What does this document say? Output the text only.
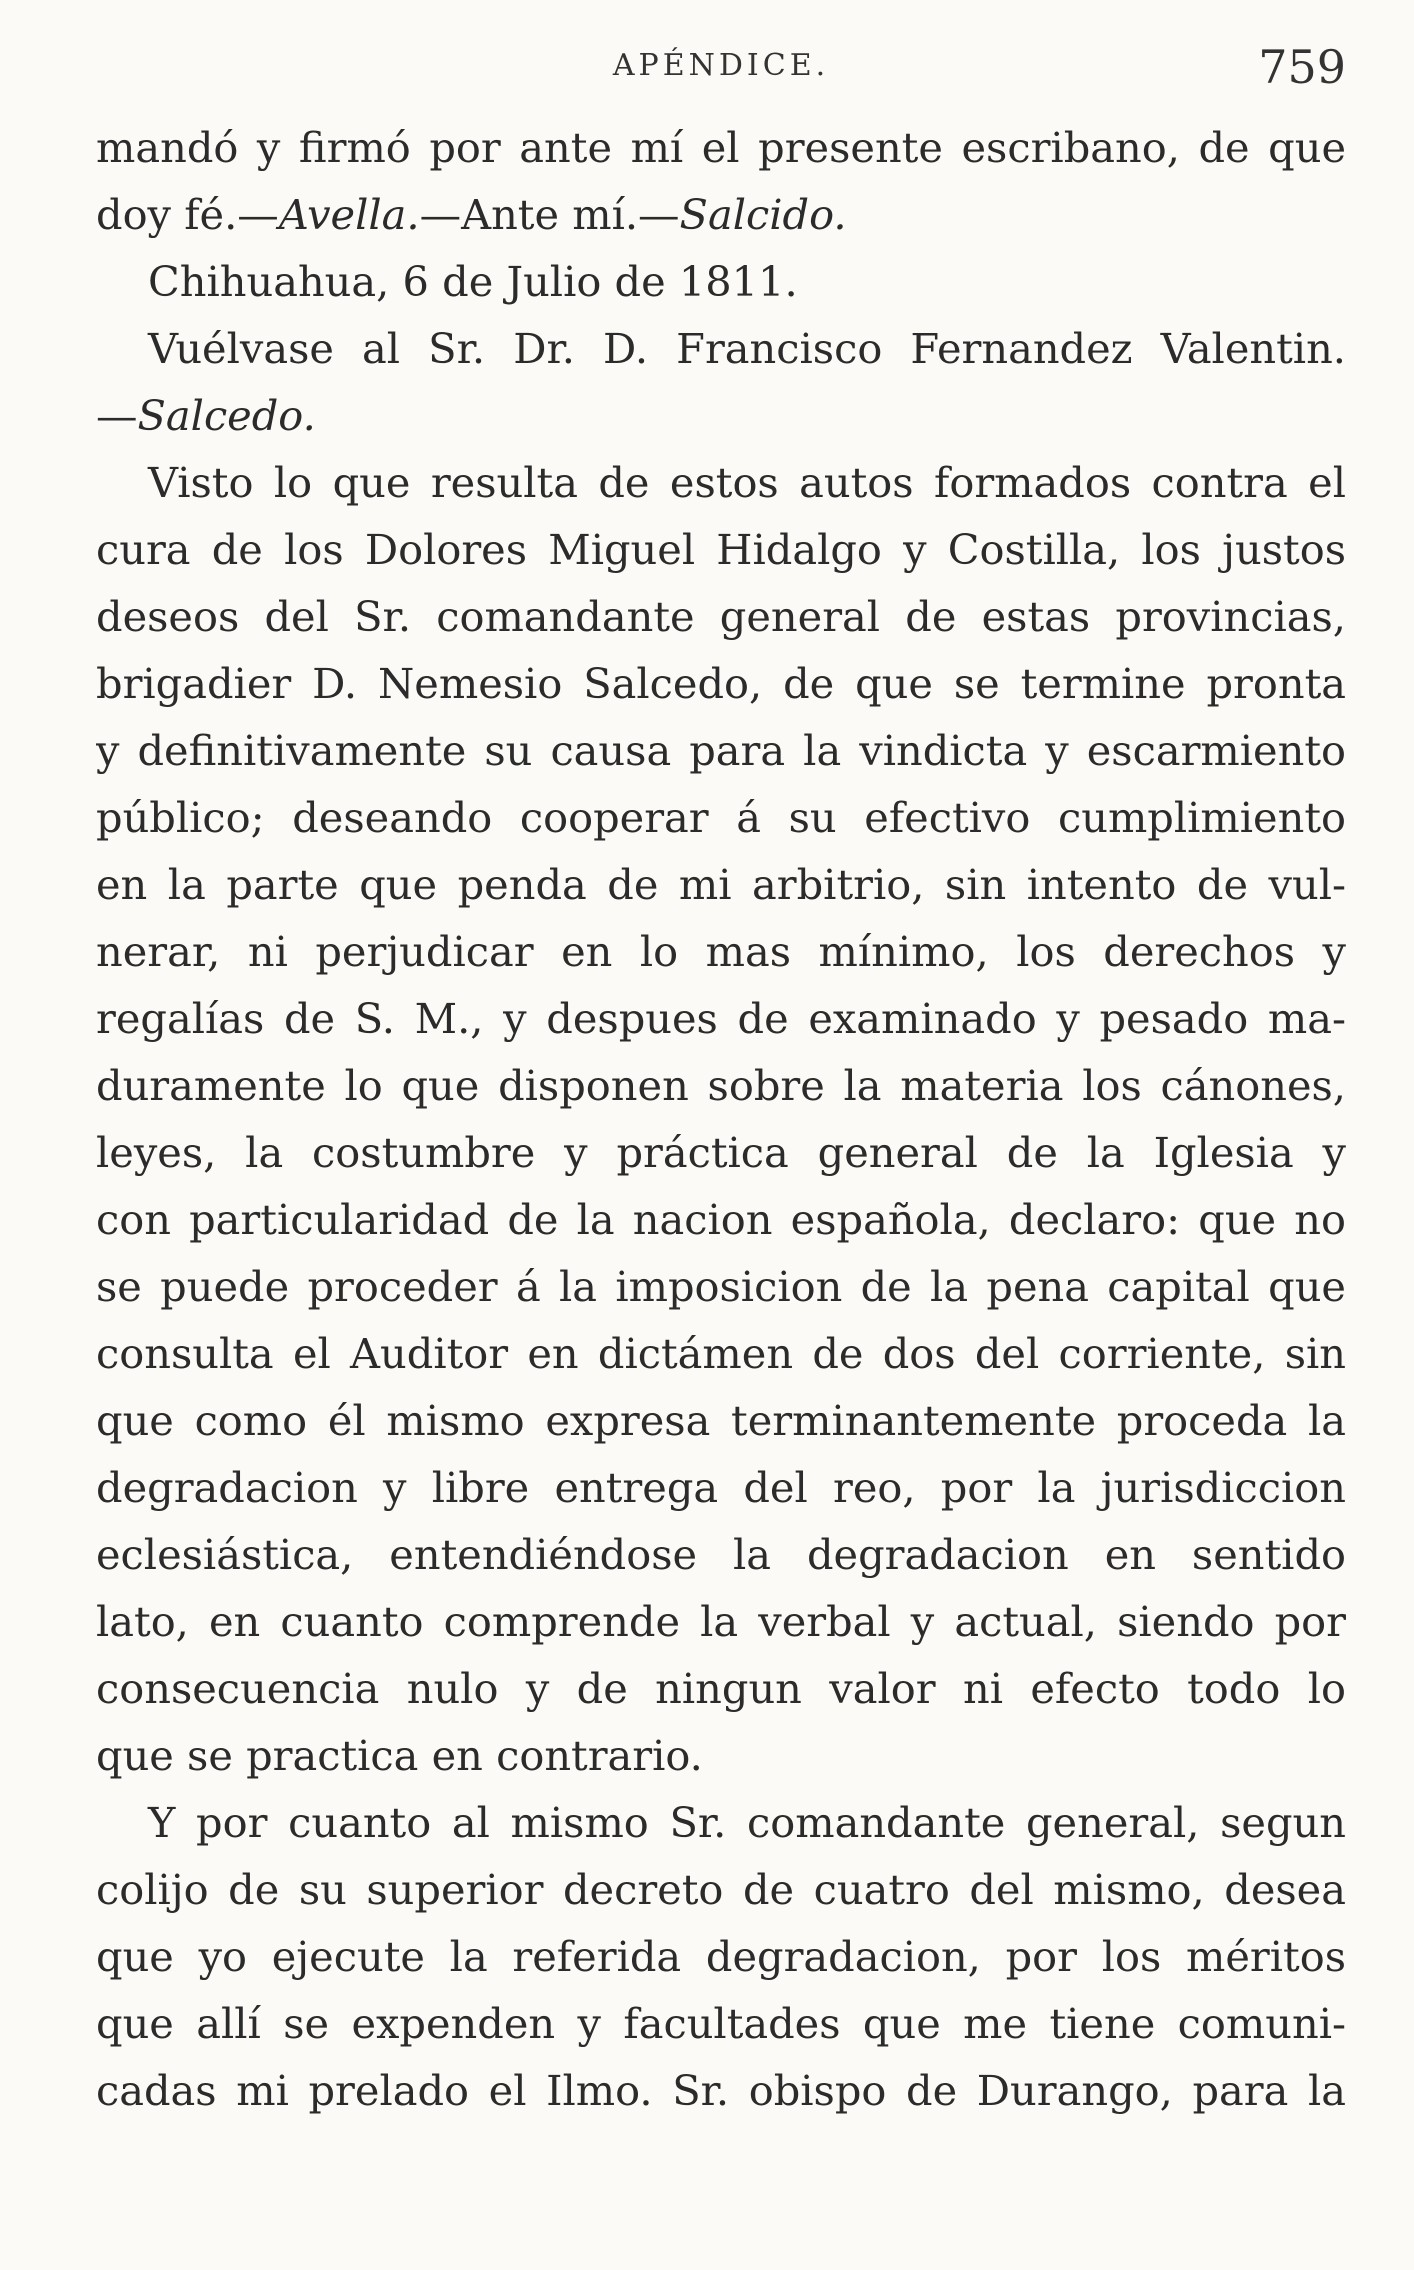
APÉNDICE.	759
mandó y firmó por ante mí el presente escribano, de que
doy fé.—Avella.—Ante mí.—Salcido.
Chihuahua, 6 de Julio de 1811.
Vuélvase al Sr. Dr. D. Francisco Fernandez Valentin.
—Salcedo.
Visto lo que resulta de estos autos formados contra el
cura de los Dolores Miguel Hidalgo y Costilla, los justos
deseos del Sr. comandante general de estas provincias,
brigadier D. Nemesio Salcedo, de que se termine pronta
y definitivamente su causa para la vindicta y escarmiento
público; deseando cooperar á su efectivo cumplimiento
en la parte que penda de mi arbitrio, sin intento de vul-
nerar, ni perjudicar en lo mas mínimo, los derechos y
regalías de S. M., y despues de examinado y pesado ma-
duramente lo que disponen sobre la materia los cánones,
leyes, la costumbre y práctica general de la Iglesia y
con particularidad de la nacion española, declaro: que no
se puede proceder á la imposicion de la pena capital que
consulta el Auditor en dictámen de dos del corriente, sin
que como él mismo expresa terminantemente proceda la
degradacion y libre entrega del reo, por la jurisdiccion
eclesiástica, entendiéndose la degradacion en sentido
lato, en cuanto comprende la verbal y actual, siendo por
consecuencia nulo y de ningun valor ni efecto todo lo
que se practica en contrario.
Y por cuanto al mismo Sr. comandante general, segun
colijo de su superior decreto de cuatro del mismo, desea
que yo ejecute la referida degradacion, por los méritos
que allí se expenden y facultades que me tiene comuni-
cadas mi prelado el Ilmo. Sr. obispo de Durango, para la
